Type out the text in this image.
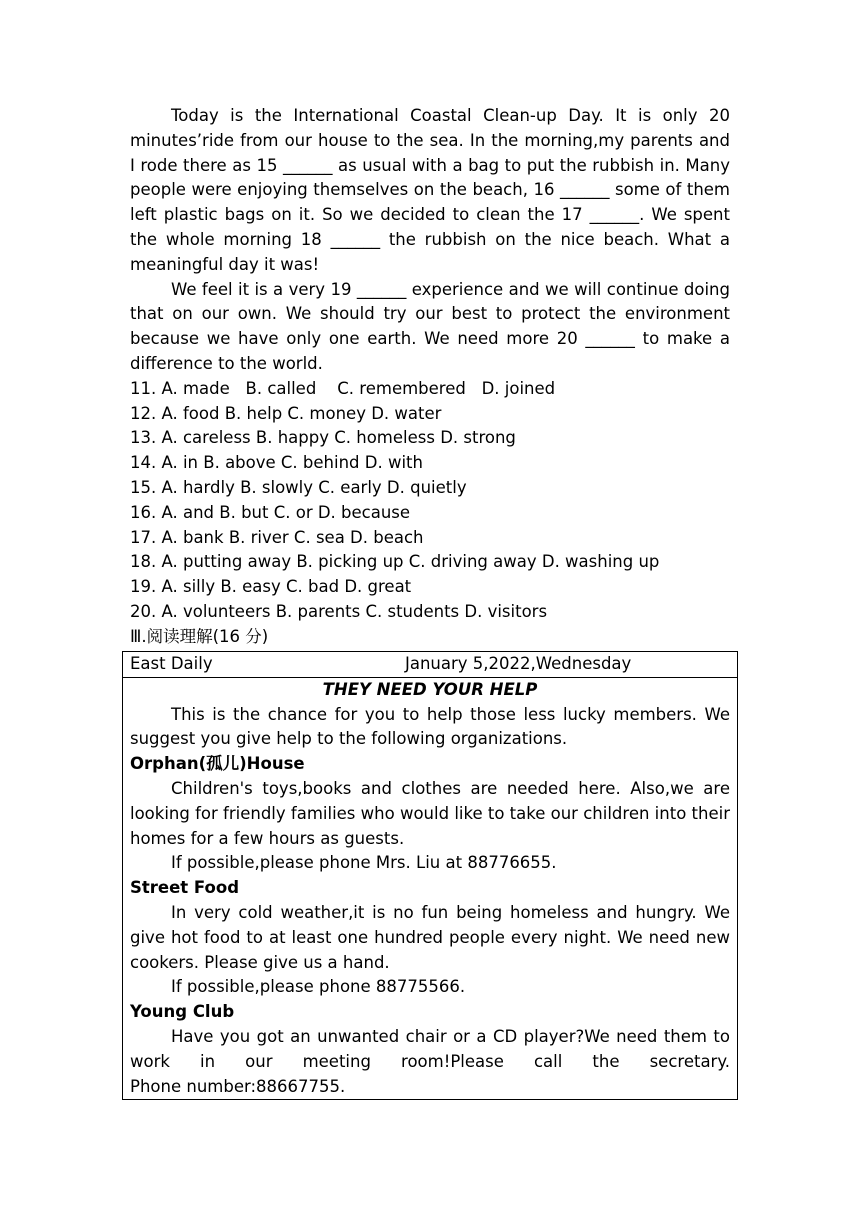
Today is the International Coastal Clean-up Day. It is only 20 minutes’ride from our house to the sea. In the morning,my parents and I rode there as 15 ______ as usual with a bag to put the rubbish in. Many people were enjoying themselves on the beach, 16 ______ some of them left plastic bags on it. So we decided to clean the 17 ______. We spent the whole morning 18 ______ the rubbish on the nice beach. What a meaningful day it was!

We feel it is a very 19 ______ experience and we will continue doing that on our own. We should try our best to protect the environment because we have only one earth. We need more 20 ______ to make a difference to the world.

11. A. made   B. called    C. remembered   D. joined

12. A. food B. help C. money D. water

13. A. careless B. happy C. homeless D. strong

14. A. in B. above C. behind D. with

15. A. hardly B. slowly C. early D. quietly

16. A. and B. but C. or D. because

17. A. bank B. river C. sea D. beach

18. A. putting away B. picking up C. driving away D. washing up

19. A. silly B. easy C. bad D. great

20. A. volunteers B. parents C. students D. visitors

Ⅲ.阅读理解(16 分)

East Daily	January 5,2022,Wednesday

THEY NEED YOUR HELP

This is the chance for you to help those less lucky members. We suggest you give help to the following organizations.

Orphan(孤儿)House

Children's toys,books and clothes are needed here. Also,we are looking for friendly families who would like to take our children into their homes for a few hours as guests.

If possible,please phone Mrs. Liu at 88776655.

Street Food

In very cold weather,it is no fun being homeless and hungry. We give hot food to at least one hundred people every night. We need new cookers. Please give us a hand.

If possible,please phone 88775566.

Young Club

Have you got an unwanted chair or a CD player?We need them to work in our meeting room!Please call the secretary.

Phone number:88667755.
